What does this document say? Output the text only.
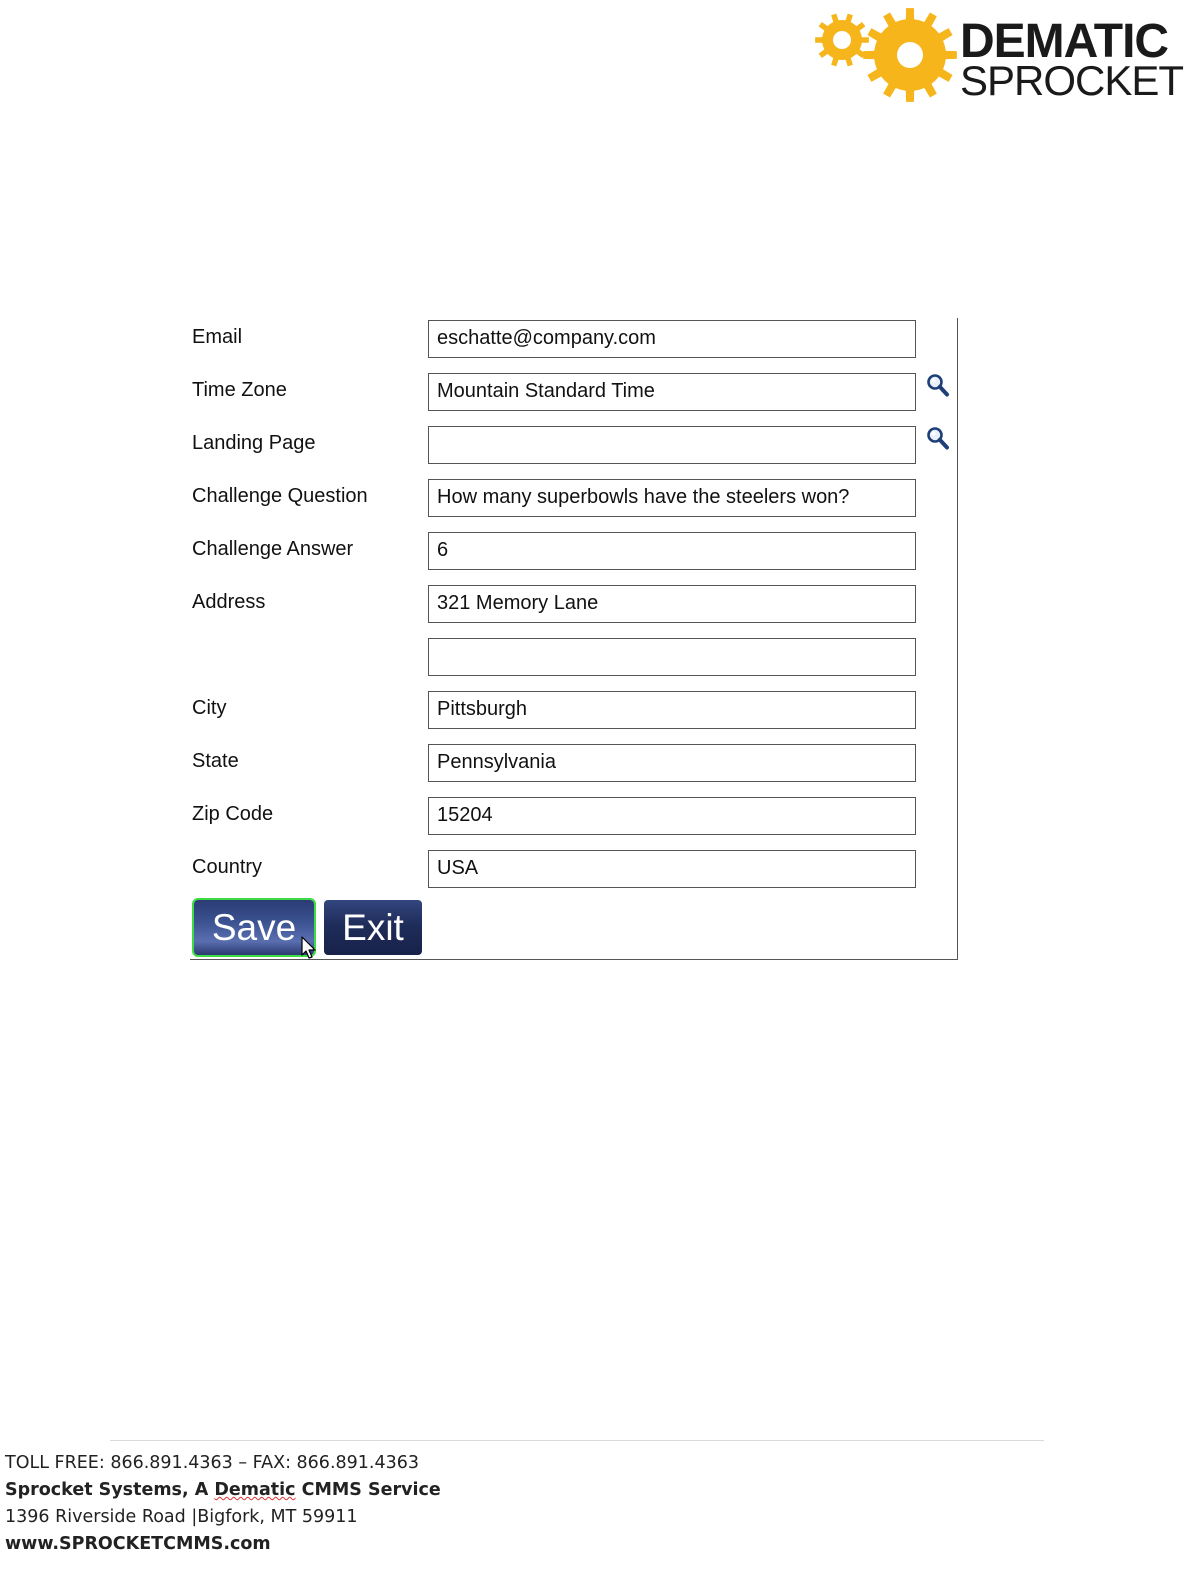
DEMATIC
SPROCKET
Email	eschatte@company.com
Time Zone	Mountain Standard Time
Landing Page
Challenge Question	How many superbowls have the steelers won?
Challenge Answer	6
Address	321 Memory Lane
City	Pittsburgh
State	Pennsylvania
Zip Code	15204
Country	USA
Save	Exit
TOLL FREE: 866.891.4363 – FAX: 866.891.4363
Sprocket Systems, A Dematic CMMS Service
1396 Riverside Road |Bigfork, MT 59911
www.SPROCKETCMMS.com
